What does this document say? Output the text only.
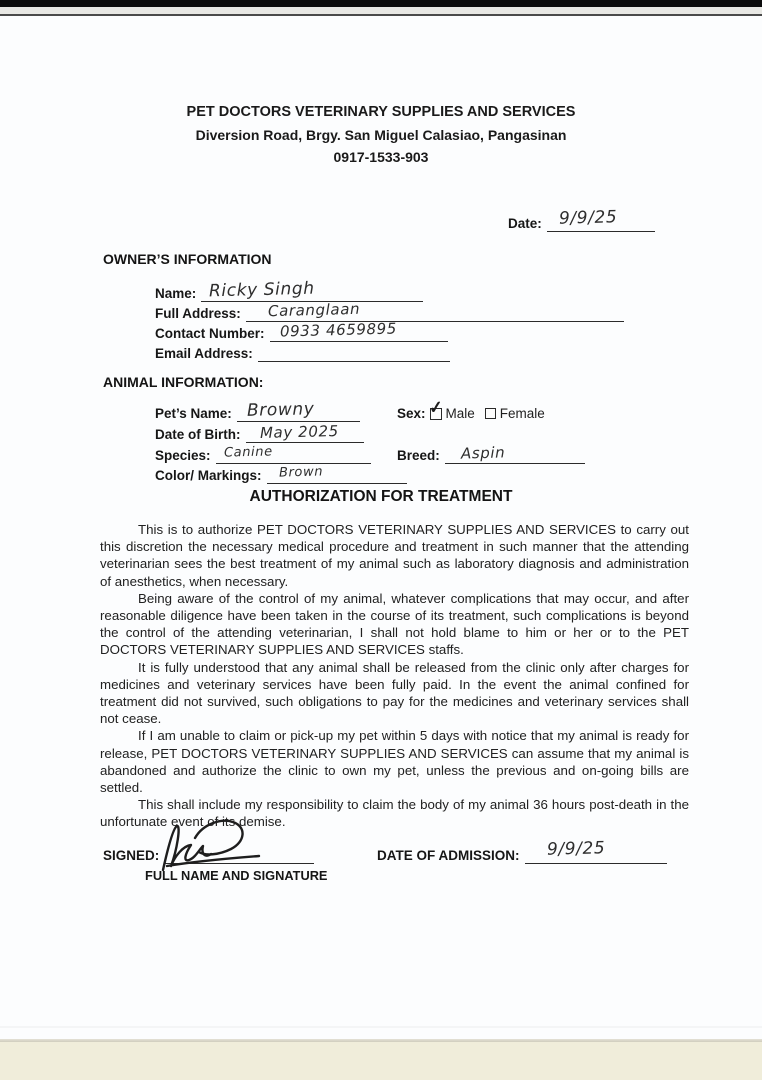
PET DOCTORS VETERINARY SUPPLIES AND SERVICES
Diversion Road, Brgy. San Miguel Calasiao, Pangasinan
0917-1533-903
Date: 9/9/25
OWNER’S INFORMATION
Name: Ricky Singh
Full Address:	Caranglaan
Contact Number: 0933 4659895
Email Address:
ANIMAL INFORMATION:
Pet’s Name: Browny	Sex: ✓ Male Female
Date of Birth:	May 2025
Species: Canine	Breed:	Aspin
Color/ Markings:	Brown
AUTHORIZATION FOR TREATMENT

This is to authorize PET DOCTORS VETERINARY SUPPLIES AND SERVICES to carry out this discretion the necessary medical procedure and treatment in such manner that the attending veterinarian sees the best treatment of my animal such as laboratory diagnosis and administration of anesthetics, when necessary.

Being aware of the control of my animal, whatever complications that may occur, and after reasonable diligence have been taken in the course of its treatment, such complications is beyond the control of the attending veterinarian, I shall not hold blame to him or her or to the PET DOCTORS VETERINARY SUPPLIES AND SERVICES staffs.

It is fully understood that any animal shall be released from the clinic only after charges for medicines and veterinary services have been fully paid. In the event the animal confined for treatment did not survived, such obligations to pay for the medicines and veterinary services shall not cease.

If I am unable to claim or pick-up my pet within 5 days with notice that my animal is ready for release, PET DOCTORS VETERINARY SUPPLIES AND SERVICES can assume that my animal is abandoned and authorize the clinic to own my pet, unless the previous and on-going bills are settled.

This shall include my responsibility to claim the body of my animal 36 hours post-death in the unfortunate event of its demise.

SIGNED:
FULL NAME AND SIGNATURE
DATE OF ADMISSION: 9/9/25
